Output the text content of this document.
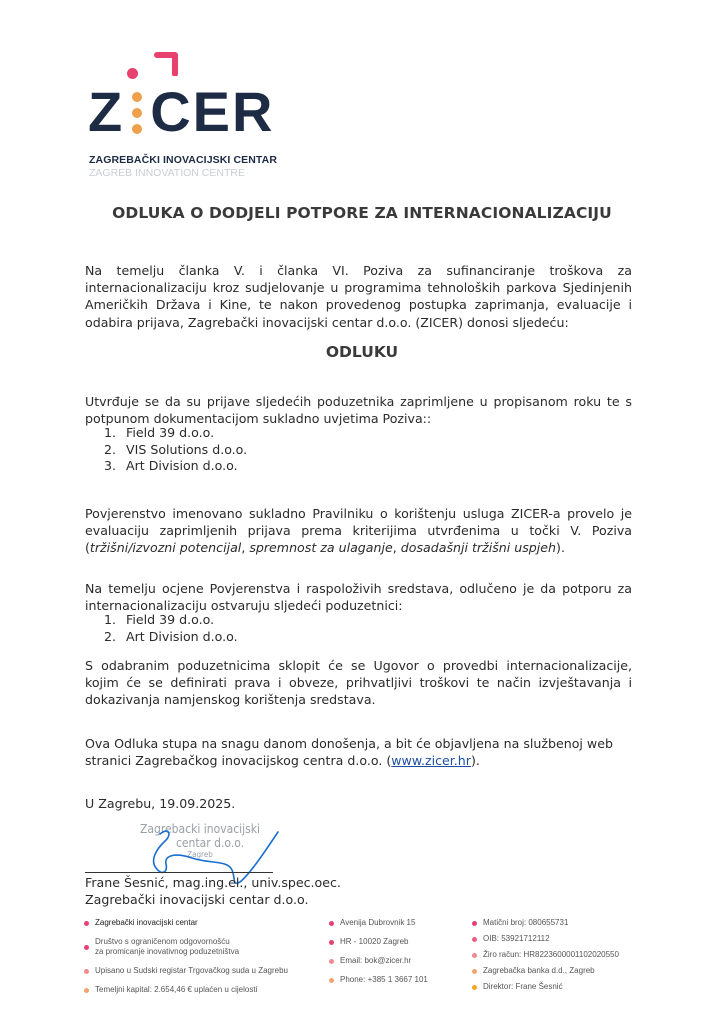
Z CER
ZAGREBAČKI INOVACIJSKI CENTAR
ZAGREB INNOVATION CENTRE
ODLUKA O DODJELI POTPORE ZA INTERNACIONALIZACIJU
Na temelju članka V. i članka VI. Poziva za sufinanciranje troškova za internacionalizaciju kroz sudjelovanje u programima tehnoloških parkova Sjedinjenih Američkih Država i Kine, te nakon provedenog postupka zaprimanja, evaluacije i odabira prijava, Zagrebački inovacijski centar d.o.o. (ZICER) donosi sljedeću:
ODLUKU
Utvrđuje se da su prijave sljedećih poduzetnika zaprimljene u propisanom roku te s potpunom dokumentacijom sukladno uvjetima Poziva::
1. Field 39 d.o.o.
2. VIS Solutions d.o.o.
3. Art Division d.o.o.
Povjerenstvo imenovano sukladno Pravilniku o korištenju usluga ZICER-a provelo je evaluaciju zaprimljenih prijava prema kriterijima utvrđenima u točki V. Poziva (tržišni/izvozni potencijal, spremnost za ulaganje, dosadašnji tržišni uspjeh).
Na temelju ocjene Povjerenstva i raspoloživih sredstava, odlučeno je da potporu za internacionalizaciju ostvaruju sljedeći poduzetnici:
1. Field 39 d.o.o.
2. Art Division d.o.o.
S odabranim poduzetnicima sklopit će se Ugovor o provedbi internacionalizacije, kojim će se definirati prava i obveze, prihvatljivi troškovi te način izvještavanja i dokazivanja namjenskog korištenja sredstava.
Ova Odluka stupa na snagu danom donošenja, a bit će objavljena na službenoj web stranici Zagrebačkog inovacijskog centra d.o.o. (www.zicer.hr).
U Zagrebu, 19.09.2025.
Zagrebacki inovacijski
centar d.o.o.
Zagreb
Frane Šesnić, mag.ing.el., univ.spec.oec.
Zagrebački inovacijski centar d.o.o.
Zagrebački inovacijski centar
Društvo s ograničenom odgovornošću
za promicanje inovativnog poduzetništva
Upisano u Sudski registar Trgovačkog suda u Zagrebu
Temeljni kapital: 2.654,46 € uplaćen u cijelosti
Avenija Dubrovnik 15
HR - 10020 Zagreb
Email: bok@zicer.hr
Phone: +385 1 3667 101
Matični broj: 080655731
OIB: 53921712112
Žiro račun: HR8223600001102020550
Zagrebačka banka d.d., Zagreb
Direktor: Frane Šesnić
